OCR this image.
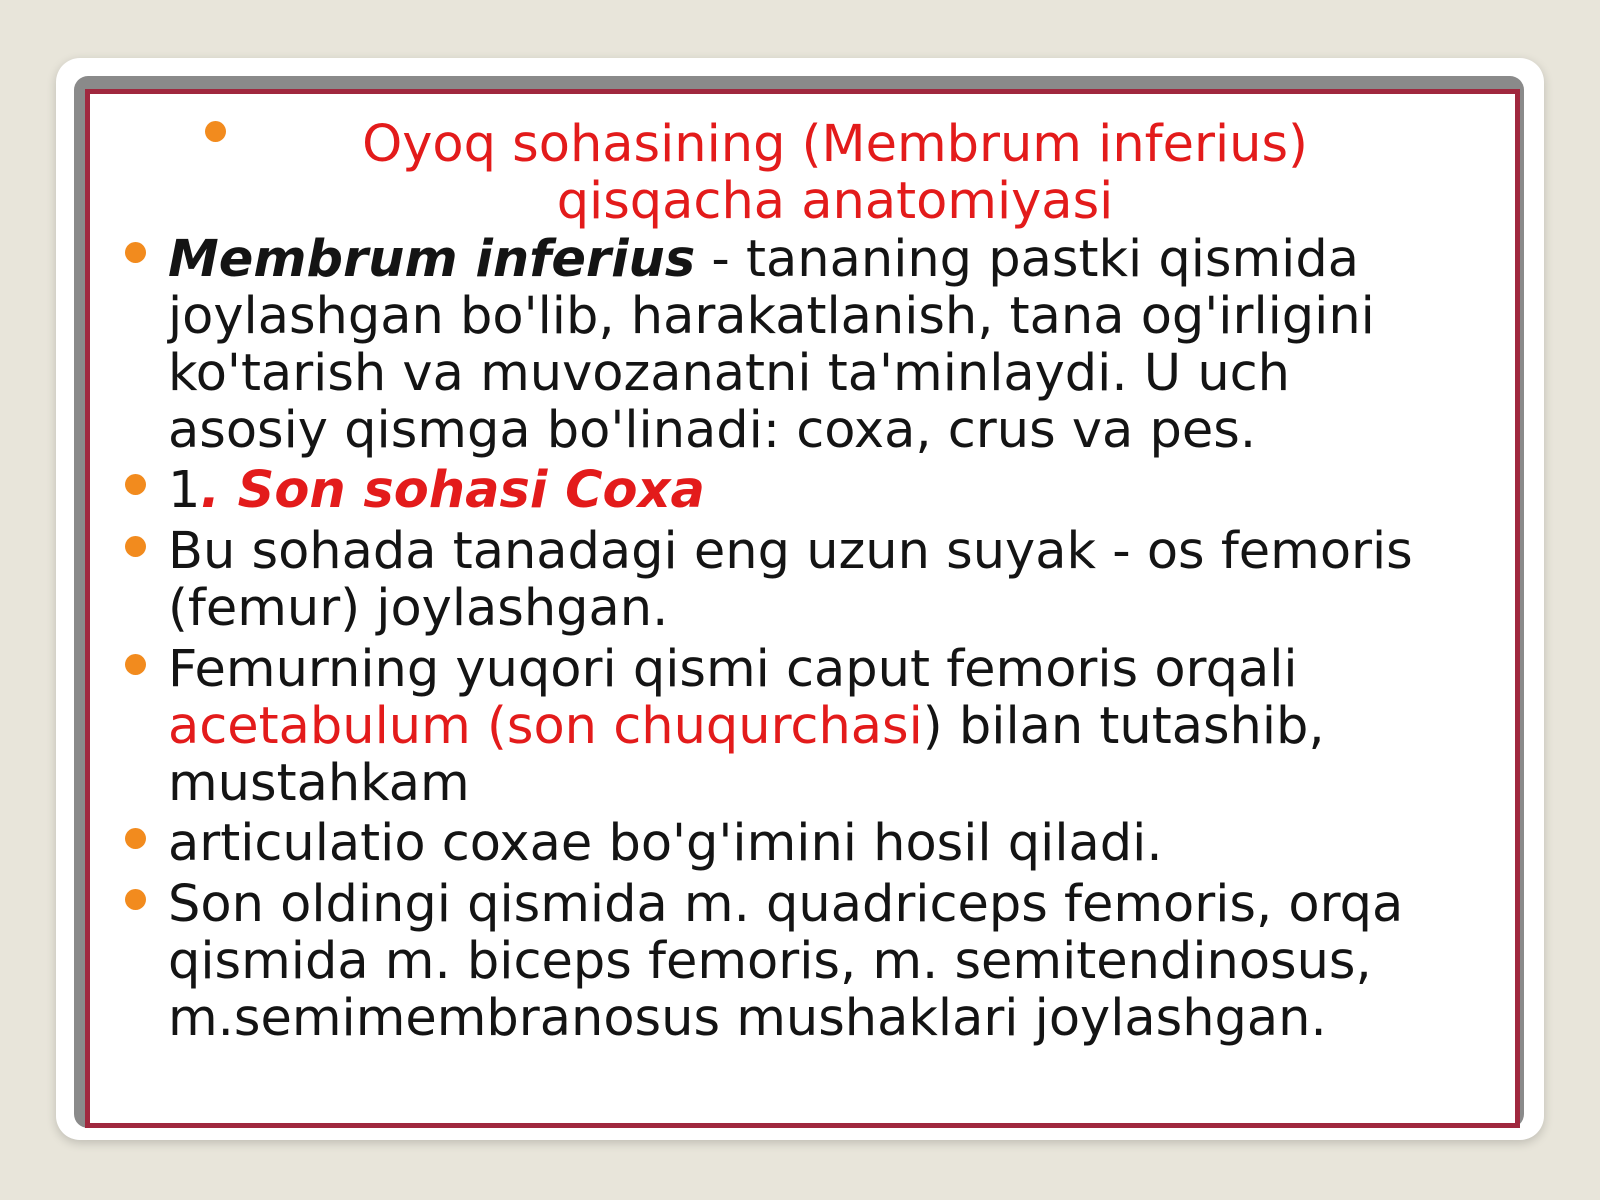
Oyoq sohasining (Membrum inferius) qisqacha anatomiyasi

Membrum inferius - tananing pastki qismida joylashgan bo'lib, harakatlanish, tana og'irligini ko'tarish va muvozanatni ta'minlaydi. U uch asosiy qismga bo'linadi: coxa, crus va pes.

1. Son sohasi Coxa

Bu sohada tanadagi eng uzun suyak - os femoris (femur) joylashgan.

Femurning yuqori qismi caput femoris orqali acetabulum (son chuqurchasi) bilan tutashib, mustahkam

articulatio coxae bo'g'imini hosil qiladi.

Son oldingi qismida m. quadriceps femoris, orqa qismida m. biceps femoris, m. semitendinosus, m.semimembranosus mushaklari joylashgan.
